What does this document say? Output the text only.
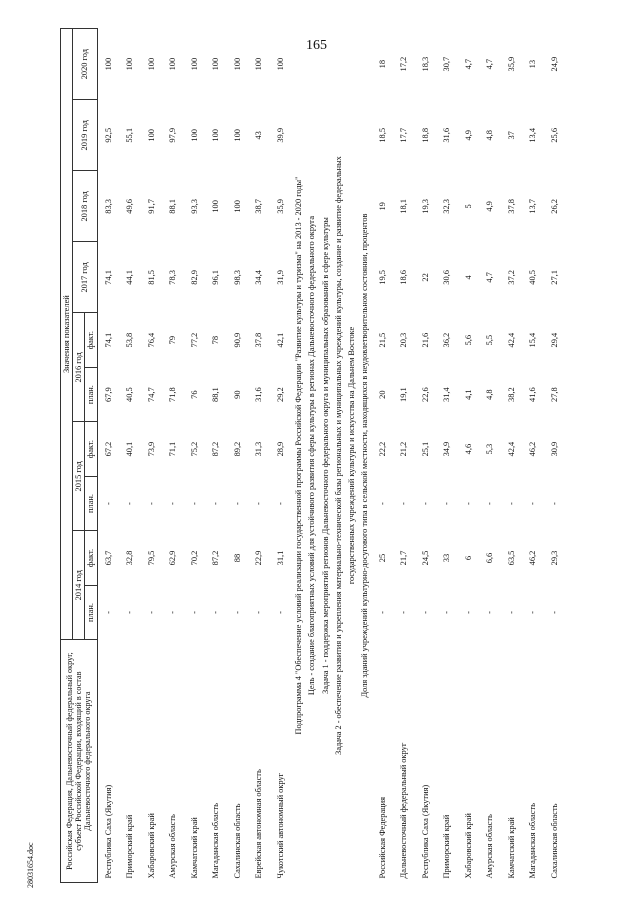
165
28031654.doc	Российская Федерация, Дальневосточный федеральный округ, субъект Российской Федерации, входящий в состав Дальневосточного федерального округа	Значения показателей									
	2014 год		2015 год		2016 год		2017 год	2018 год	2019 год	2020 год
	план.	факт.	план.	факт.	план.	факт.				
Республика Саха (Якутия)	-	63,7	-	67,2	67,9	74,1	74,1	83,3	92,5	100
Приморский край	-	32,8	-	40,1	40,5	53,8	44,1	49,6	55,1	100
Хабаровский край	-	79,5	-	73,9	74,7	76,4	81,5	91,7	100	100
Амурская область	-	62,9	-	71,1	71,8	79	78,3	88,1	97,9	100
Камчатский край	-	70,2	-	75,2	76	77,2	82,9	93,3	100	100
Магаданская область	-	87,2	-	87,2	88,1	78	96,1	100	100	100
Сахалинская область	-	88	-	89,2	90	90,9	98,3	100	100	100
Еврейская автономная область	-	22,9	-	31,3	31,6	37,8	34,4	38,7	43	100
Чукотский автономный округ	-	31,1	-	28,9	29,2	42,1	31,9	35,9	39,9	100
Подпрограмма 4 "Обеспечение условий реализации государственной программы Российской Федерации "Развитие культуры и туризма" на 2013 - 2020 годы"										
Цель - создание благоприятных условий для устойчивого развития сферы культуры в регионах Дальневосточного федерального округа										
Задача 1 - поддержка мероприятий регионов Дальневосточного федерального округа и муниципальных образований в сфере культуры										
Задача 2 - обеспечение развития и укрепления материально-технической базы региональных и муниципальных учреждений культуры, создание и развитие федеральных										
государственных учреждений культуры и искусства на Дальнем Востоке										
Доля зданий учреждений культурно-досугового типа в сельской местности, находящихся в неудовлетворительном состоянии, процентов										
Российская Федерация	-	25	-	22,2	20	21,5	19,5	19	18,5	18
Дальневосточный федеральный округ	-	21,7	-	21,2	19,1	20,3	18,6	18,1	17,7	17,2
Республика Саха (Якутия)	-	24,5	-	25,1	22,6	21,6	22	19,3	18,8	18,3
Приморский край	-	33	-	34,9	31,4	36,2	30,6	32,3	31,6	30,7
Хабаровский край	-	6	-	4,6	4,1	5,6	4	5	4,9	4,7
Амурская область	-	6,6	-	5,3	4,8	5,5	4,7	4,9	4,8	4,7
Камчатский край	-	63,5	-	42,4	38,2	42,4	37,2	37,8	37	35,9
Магаданская область	-	46,2	-	46,2	41,6	15,4	40,5	13,7	13,4	13
Сахалинская область	-	29,3	-	30,9	27,8	29,4	27,1	26,2	25,6	24,9
